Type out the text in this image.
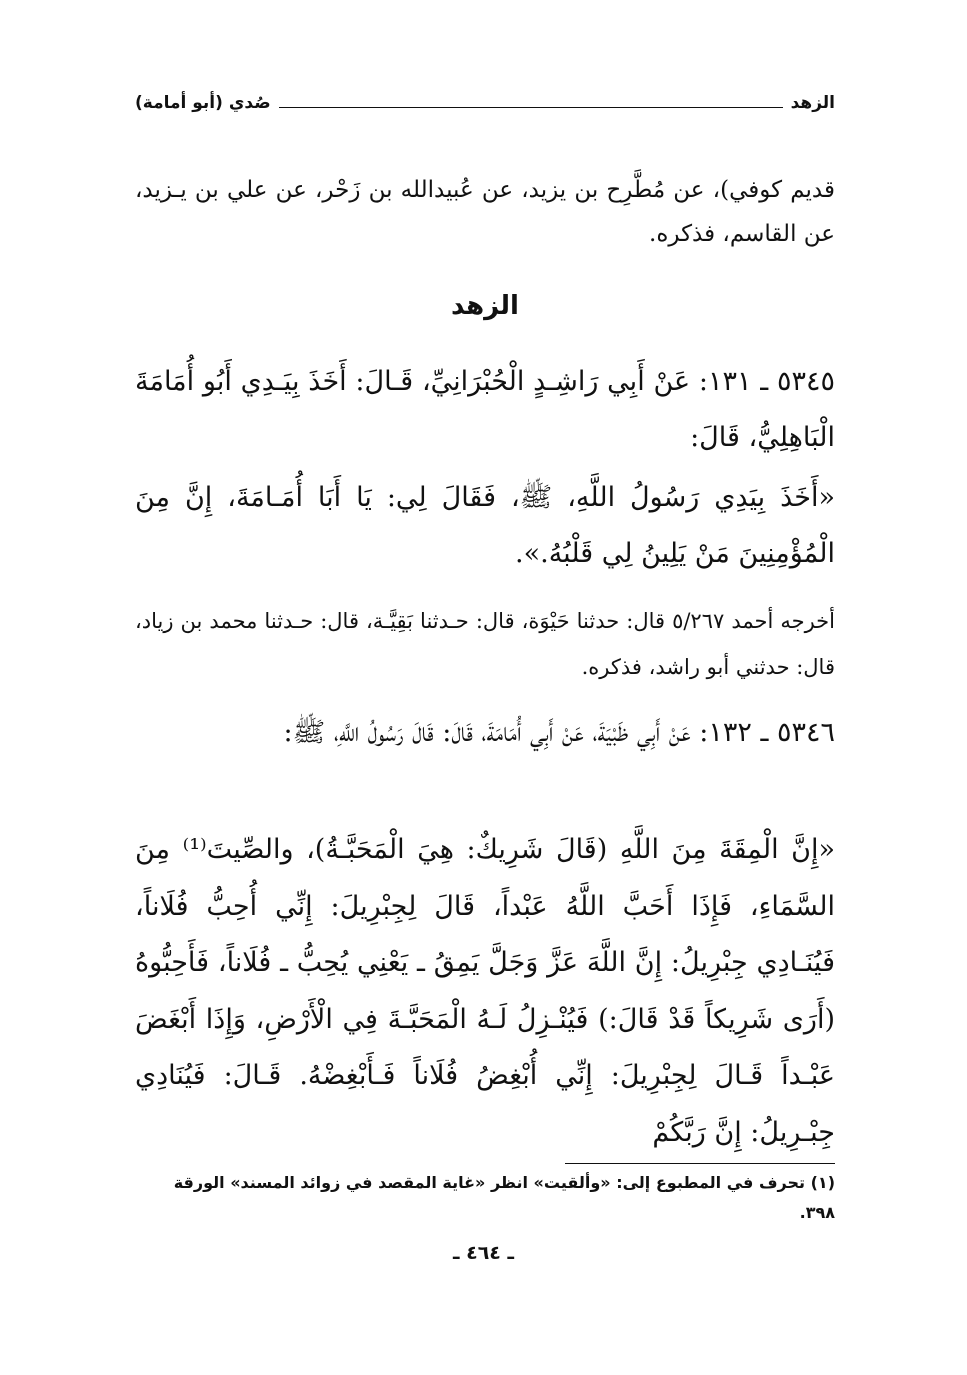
الزهد
صُدي (أبو أمامة)
قديم كوفي)، عن مُطَّرِح بن يزيد، عن عُبيدالله بن زَحْر، عن علي بن يـزيد، عن القاسم، فذكره.
الزهد
٥٣٤٥ ـ ١٣١: عَنْ أَبِي رَاشِـدٍ الْحُبْرَانِيِّ، قَـالَ: أَخَذَ بِيَـدِي أَبُو أُمَامَةَ الْبَاهِلِيُّ، قَالَ:
«أَخَذَ بِيَدِي رَسُولُ اللَّهِ، ﷺ، فَقَالَ لِي: يَا أَبَا أُمَـامَةَ، إِنَّ مِنَ الْمُؤْمِنِينَ مَنْ يَلِينُ لِي قَلْبُهُ.».
أخرجه أحمد ٥/٢٦٧ قال: حدثنا حَيْوَة، قال: حـدثنا بَقِيَّـة، قال: حـدثنا محمد بن زياد، قال: حدثني أبو راشد، فذكره.
٥٣٤٦ ـ ١٣٢: عَنْ أَبِي ظَبْيَةَ، عَنْ أَبِي أُمَامَةَ، قَالَ: قَالَ رَسُولُ اللَّهِ، ﷺ:
«إِنَّ الْمِقَةَ مِنَ اللَّهِ (قَالَ شَرِيكٌ: هِيَ الْمَحَبَّـةُ)، والصِّيتَ⁽¹⁾ مِنَ السَّمَاءِ، فَإِذَا أَحَبَّ اللَّهُ عَبْداً، قَالَ لِجِبْرِيلَ: إِنِّي أُحِبُّ فُلَاناً، فَيُنَـادِي جِبْرِيلُ: إِنَّ اللَّهَ عَزَّ وَجَلَّ يَمِقُ ـ يَعْنِي يُحِبُّ ـ فُلَاناً، فَأَحِبُّوهُ (أَرَى شَرِيكاً قَدْ قَالَ:) فَيُنْـزِلُ لَـهُ الْمَحَبَّـةَ فِي الْأَرْضِ، وَإِذَا أَبْغَضَ عَبْـداً قَـالَ لِجِبْرِيلَ: إِنِّي أُبْغِضُ فُلَاناً فَـأَبْغِضْهُ. قَـالَ: فَيُنَادِي جِبْـرِيلُ: إِنَّ رَبَّكُمْ
(١) تحرف في المطبوع إلى: «وألقيت» انظر «غاية المقصد في زوائد المسند» الورقة ٣٩٨.
ـ ٤٦٤ ـ
